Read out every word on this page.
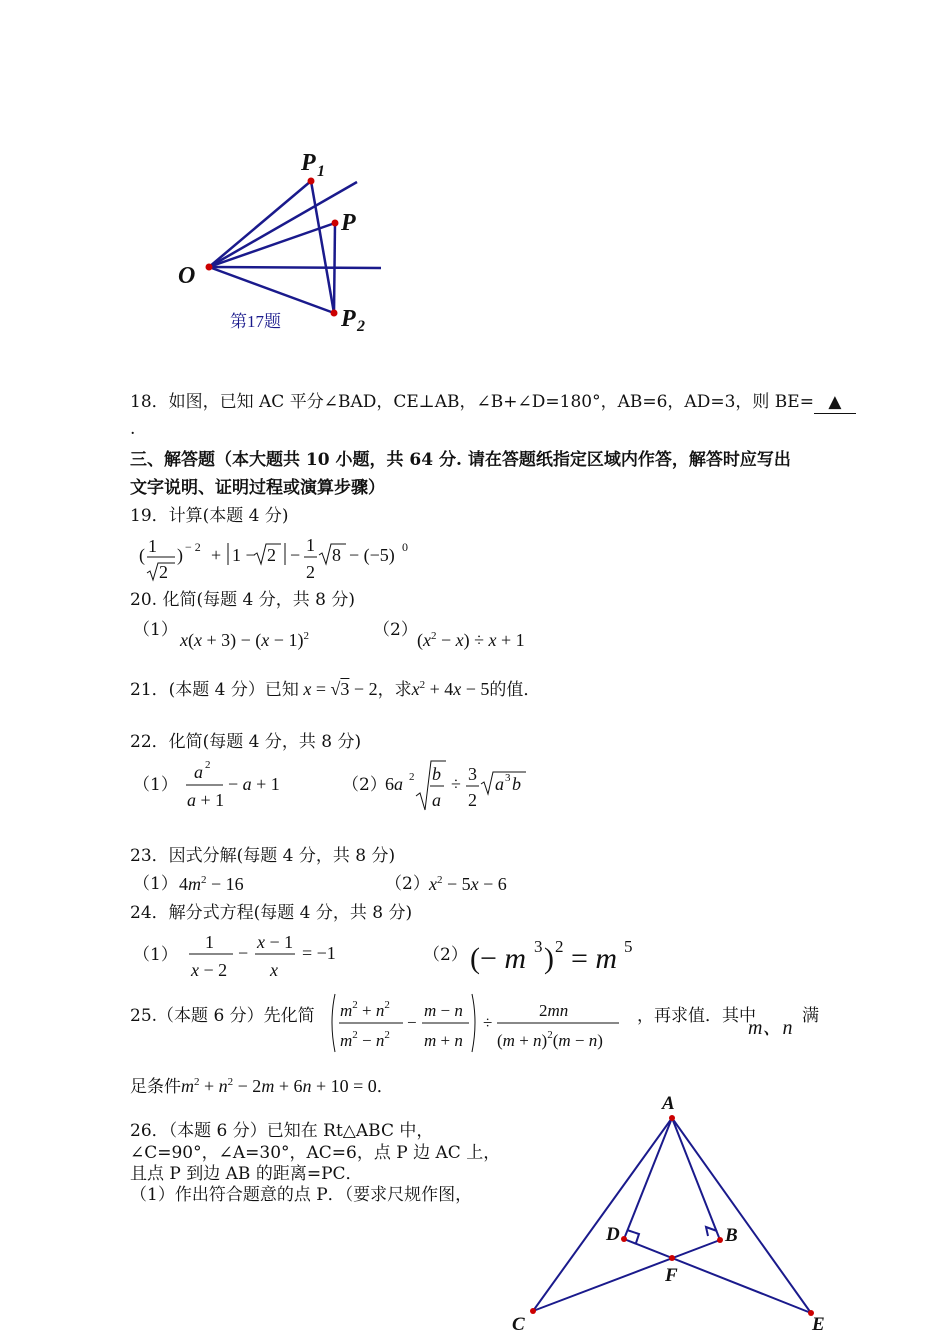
P 1
P
O
P 2
第17题
18．如图，已知 AC 平分∠BAD，CE⊥AB，∠B+∠D=180°，AB=6，AD=3，则 BE= ▲
.
三、解答题（本大题共 10 小题，共 64 分. 请在答题纸指定区域内作答，解答时应写出
文字说明、证明过程或演算步骤）
19．计算(本题 4 分)
( 1
2
) − 2 + 1 − 2 − 1
2
8 − (−5) 0
20. 化简(每题 4 分，共 8 分)
（1） $x(x + 3) - (x - 1)^2$	（2） $(x^2 - x) \div x + 1$
21．(本题 4 分）已知 x = √3 − 2，求$x^2 + 4x - 5$的值．
22．化简(每题 4 分，共 8 分)
（1）
a 2
a + 1
− a + 1	（2）
6a 2 b
a
÷ 3
2
a 3 b
23．因式分解(每题 4 分，共 8 分)
（1） $4m^2 - 16$	（2） $x^2 - 5x - 6$
24．解分式方程(每题 4 分，共 8 分)
（1）
1
x − 2
−
x − 1
x
= −1	（2） (− m 3 ) 2 = m 5
25.（本题 6 分）先化简 $m^2 + n^2$
$m^2 - n^2$
−
m − n
m + n
÷
2mn
$(m + n)^2(m - n)$
，再求值．其中
m、n
满
足条件$m^2 + n^2 - 2m + 6n + 10 = 0$．
26．（本题 6 分）已知在 Rt△ABC 中，
∠C=90°，∠A=30°，AC=6，点 P 边 AC 上，
且点 P 到边 AB 的距离=PC．
（1）作出符合题意的点 P．（要求尺规作图，
A
D	B
F
C	E
